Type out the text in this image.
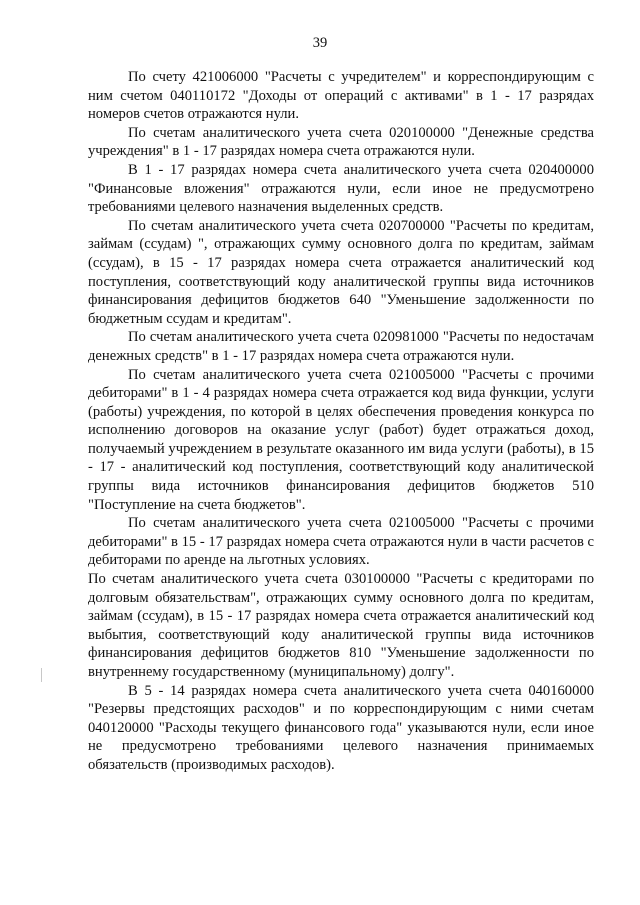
39

По счету 421006000 "Расчеты с учредителем" и корреспондирующим с ним счетом 040110172 "Доходы от операций с активами" в 1 - 17 разрядах номеров счетов отражаются нули.

По счетам аналитического учета счета 020100000 "Денежные средства учреждения" в 1 - 17 разрядах номера счета отражаются нули.

В 1 - 17 разрядах номера счета аналитического учета счета 020400000 "Финансовые вложения" отражаются нули, если иное не предусмотрено требованиями целевого назначения выделенных средств.

По счетам аналитического учета счета 020700000 "Расчеты по кредитам, займам (ссудам) ", отражающих сумму основного долга по кредитам, займам (ссудам), в 15 - 17 разрядах номера счета отражается аналитический код поступления, соответствующий коду аналитической группы вида источников финансирования дефицитов бюджетов 640 "Уменьшение задолженности по бюджетным ссудам и кредитам".

По счетам аналитического учета счета 020981000 "Расчеты по недостачам денежных средств" в 1 - 17 разрядах номера счета отражаются нули.

По счетам аналитического учета счета 021005000 "Расчеты с прочими дебиторами" в 1 - 4 разрядах номера счета отражается код вида функции, услуги (работы) учреждения, по которой в целях обеспечения проведения конкурса по исполнению договоров на оказание услуг (работ) будет отражаться доход, получаемый учреждением в результате оказанного им вида услуги (работы), в 15 - 17 - аналитический код поступления, соответствующий коду аналитической группы вида источников финансирования дефицитов бюджетов 510 "Поступление на счета бюджетов".

По счетам аналитического учета счета 021005000 "Расчеты с прочими дебиторами" в 15 - 17 разрядах номера счета отражаются нули в части расчетов с дебиторами по аренде на льготных условиях.

По счетам аналитического учета счета 030100000 "Расчеты с кредиторами по долговым обязательствам", отражающих сумму основного долга по кредитам, займам (ссудам), в 15 - 17 разрядах номера счета отражается аналитический код выбытия, соответствующий коду аналитической группы вида источников финансирования дефицитов бюджетов 810 "Уменьшение задолженности по внутреннему государственному (муниципальному) долгу".

В 5 - 14 разрядах номера счета аналитического учета счета 040160000 "Резервы предстоящих расходов" и по корреспондирующим с ними счетам 040120000 "Расходы текущего финансового года" указываются нули, если иное не предусмотрено требованиями целевого назначения принимаемых обязательств (производимых расходов).
